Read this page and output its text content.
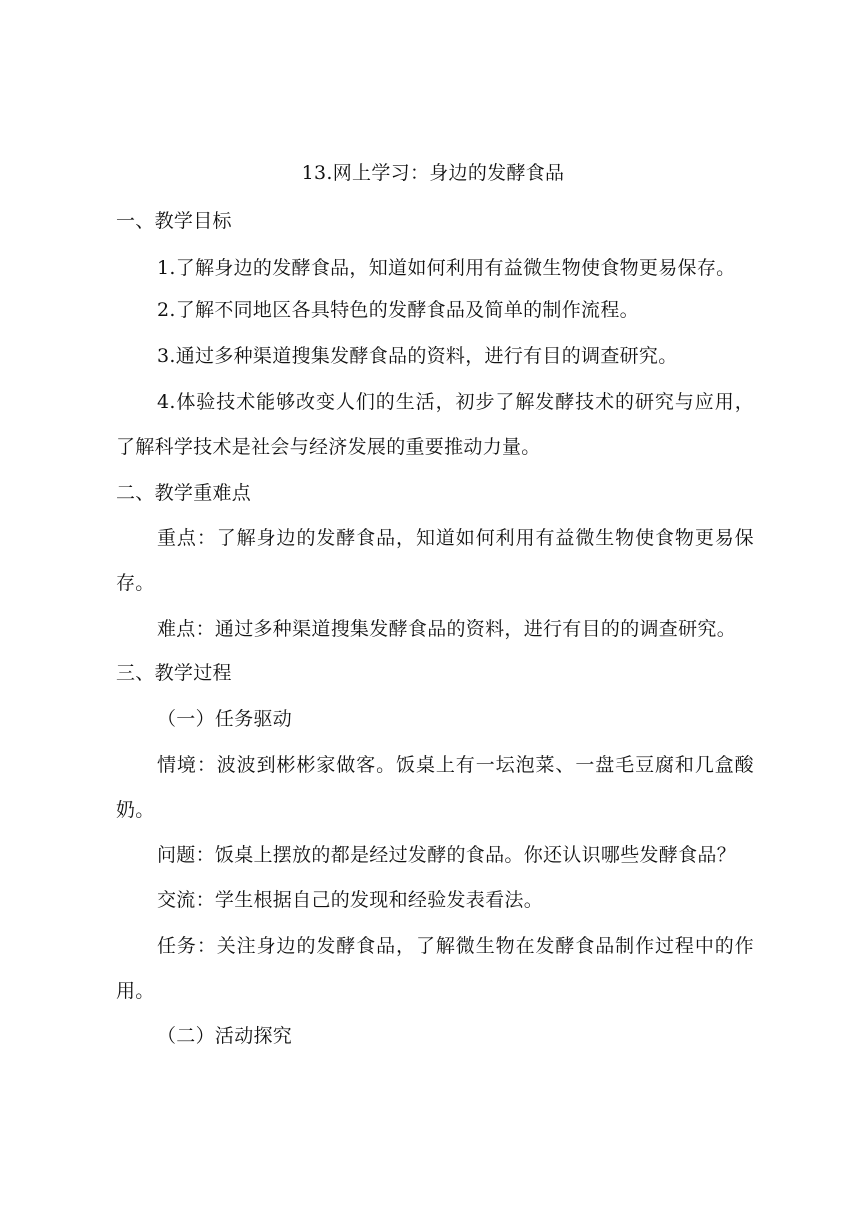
13.网上学习：身边的发酵食品
一、教学目标
1.了解身边的发酵食品，知道如何利用有益微生物使食物更易保存。
2.了解不同地区各具特色的发酵食品及简单的制作流程。
3.通过多种渠道搜集发酵食品的资料，进行有目的调查研究。
4.体验技术能够改变人们的生活，初步了解发酵技术的研究与应用，
了解科学技术是社会与经济发展的重要推动力量。
二、教学重难点
重点：了解身边的发酵食品，知道如何利用有益微生物使食物更易保
存。
难点：通过多种渠道搜集发酵食品的资料，进行有目的的调查研究。
三、教学过程
（一）任务驱动
情境：波波到彬彬家做客。饭桌上有一坛泡菜、一盘毛豆腐和几盒酸
奶。
问题：饭桌上摆放的都是经过发酵的食品。你还认识哪些发酵食品？
交流：学生根据自己的发现和经验发表看法。
任务：关注身边的发酵食品，了解微生物在发酵食品制作过程中的作
用。
（二）活动探究
